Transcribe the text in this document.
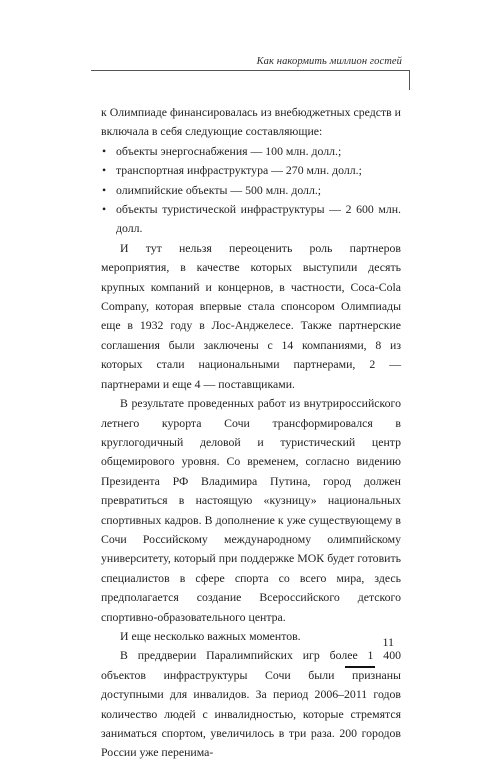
Как накормить миллион гостей

к Олимпиаде финансировалась из внебюджетных средств и включала в себя следующие составляющие:

• объекты энергоснабжения — 100 млн. долл.;
• транспортная инфраструктура — 270 млн. долл.;
• олимпийские объекты — 500 млн. долл.;
• объекты туристической инфраструктуры — 2 600 млн. долл.

И тут нельзя переоценить роль партнеров мероприятия, в качестве которых выступили десять крупных компаний и концернов, в частности, Coca-Cola Company, которая впервые стала спонсором Олимпиады еще в 1932 году в Лос-Анджелесе. Также партнерские соглашения были заключены с 14 компаниями, 8 из которых стали национальными партнерами, 2 — партнерами и еще 4 — поставщиками.

В результате проведенных работ из внутрироссийского летнего курорта Сочи трансформировался в круглогодичный деловой и туристический центр общемирового уровня. Со временем, согласно видению Президента РФ Владимира Путина, город должен превратиться в настоящую «кузницу» национальных спортивных кадров. В дополнение к уже существующему в Сочи Российскому международному олимпийскому университету, который при поддержке МОК будет готовить специалистов в сфере спорта со всего мира, здесь предполагается создание Всероссийского детского спортивно-образовательного центра.

И еще несколько важных моментов.

В преддверии Паралимпийских игр более 1 400 объектов инфраструктуры Сочи были признаны доступными для инвалидов. За период 2006–2011 годов количество людей с инвалидностью, которые стремятся заниматься спортом, увеличилось в три раза. 200 городов России уже перенима-

11
